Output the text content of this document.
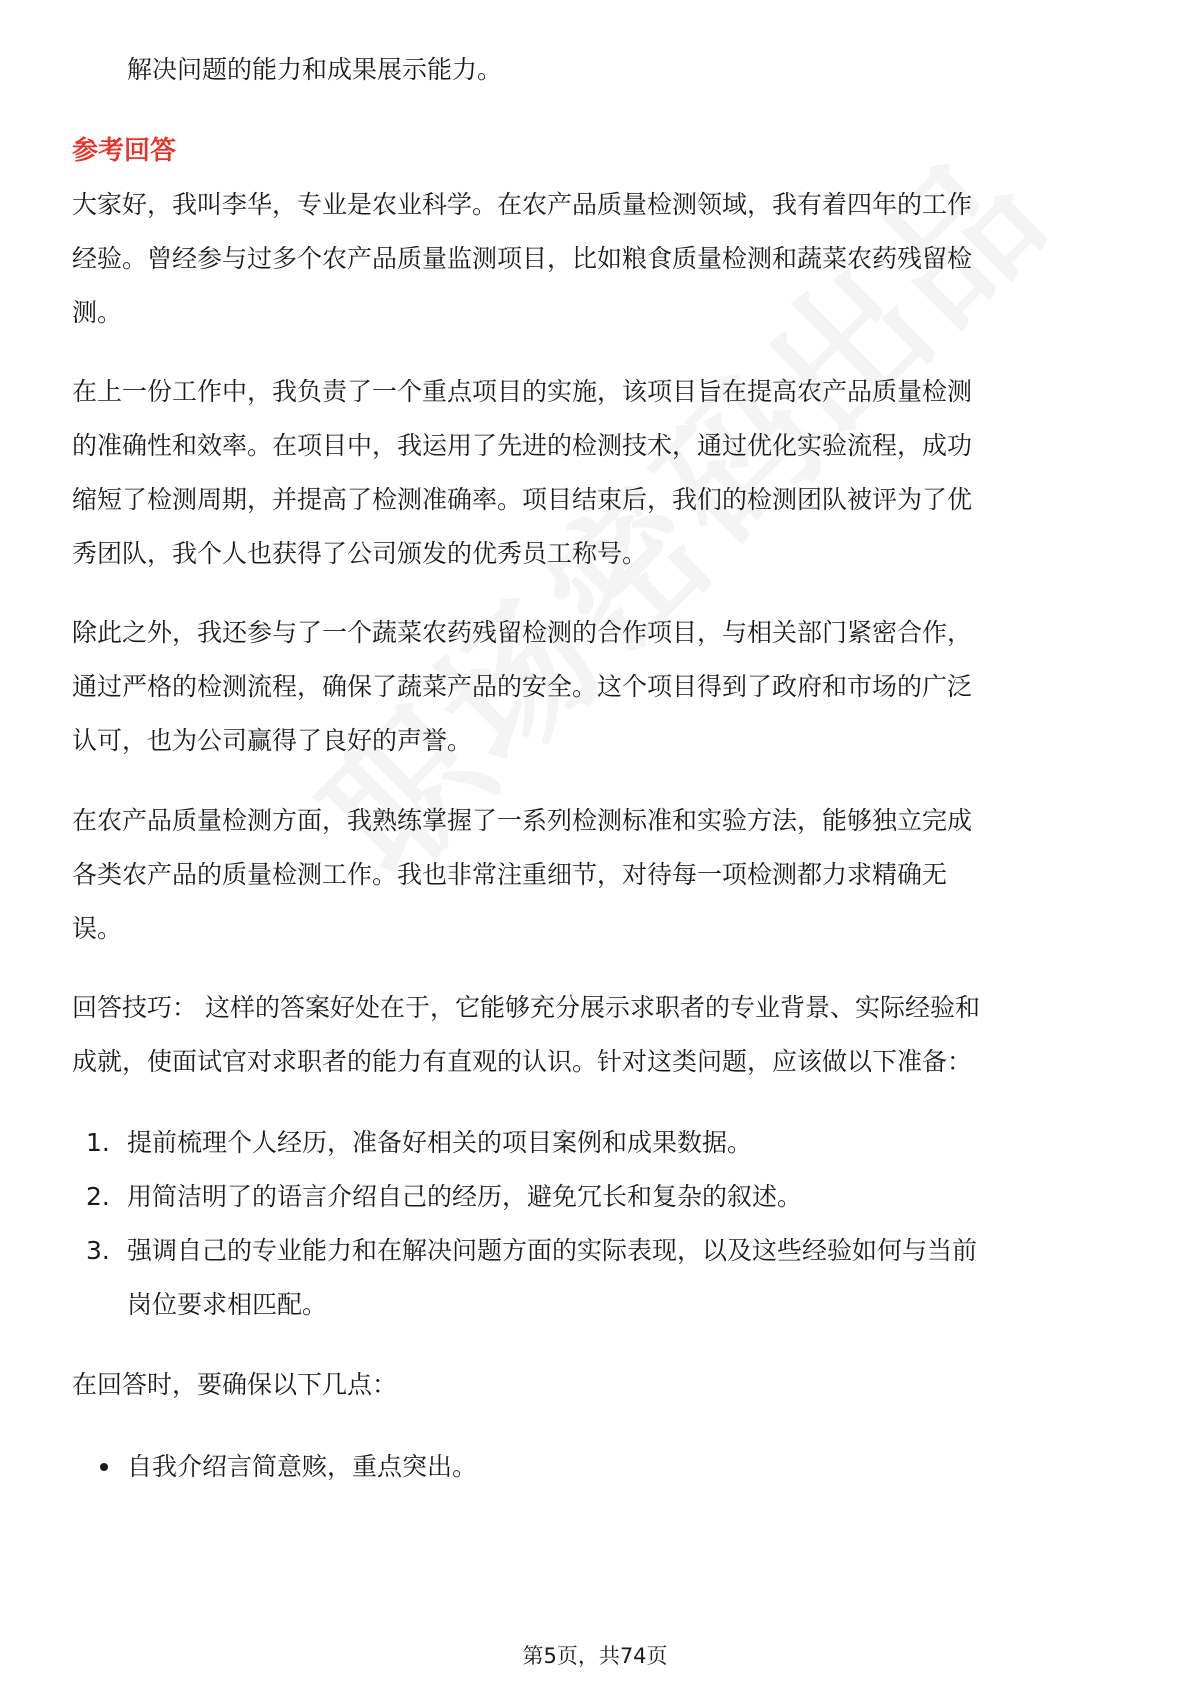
解决问题的能力和成果展示能力。
参考回答
大家好，我叫李华，专业是农业科学。在农产品质量检测领域，我有着四年的工作
经验。曾经参与过多个农产品质量监测项目，比如粮食质量检测和蔬菜农药残留检
测。
在上一份工作中，我负责了一个重点项目的实施，该项目旨在提高农产品质量检测
的准确性和效率。在项目中，我运用了先进的检测技术，通过优化实验流程，成功
缩短了检测周期，并提高了检测准确率。项目结束后，我们的检测团队被评为了优
秀团队，我个人也获得了公司颁发的优秀员工称号。
除此之外，我还参与了一个蔬菜农药残留检测的合作项目，与相关部门紧密合作，
通过严格的检测流程，确保了蔬菜产品的安全。这个项目得到了政府和市场的广泛
认可，也为公司赢得了良好的声誉。
在农产品质量检测方面，我熟练掌握了一系列检测标准和实验方法，能够独立完成
各类农产品的质量检测工作。我也非常注重细节，对待每一项检测都力求精确无
误。
回答技巧： 这样的答案好处在于，它能够充分展示求职者的专业背景、实际经验和
成就，使面试官对求职者的能力有直观的认识。针对这类问题，应该做以下准备：
1. 提前梳理个人经历，准备好相关的项目案例和成果数据。
2. 用简洁明了的语言介绍自己的经历，避免冗长和复杂的叙述。
3. 强调自己的专业能力和在解决问题方面的实际表现，以及这些经验如何与当前
岗位要求相匹配。
在回答时，要确保以下几点：
自我介绍言简意赅，重点突出。
第5页，共74页
